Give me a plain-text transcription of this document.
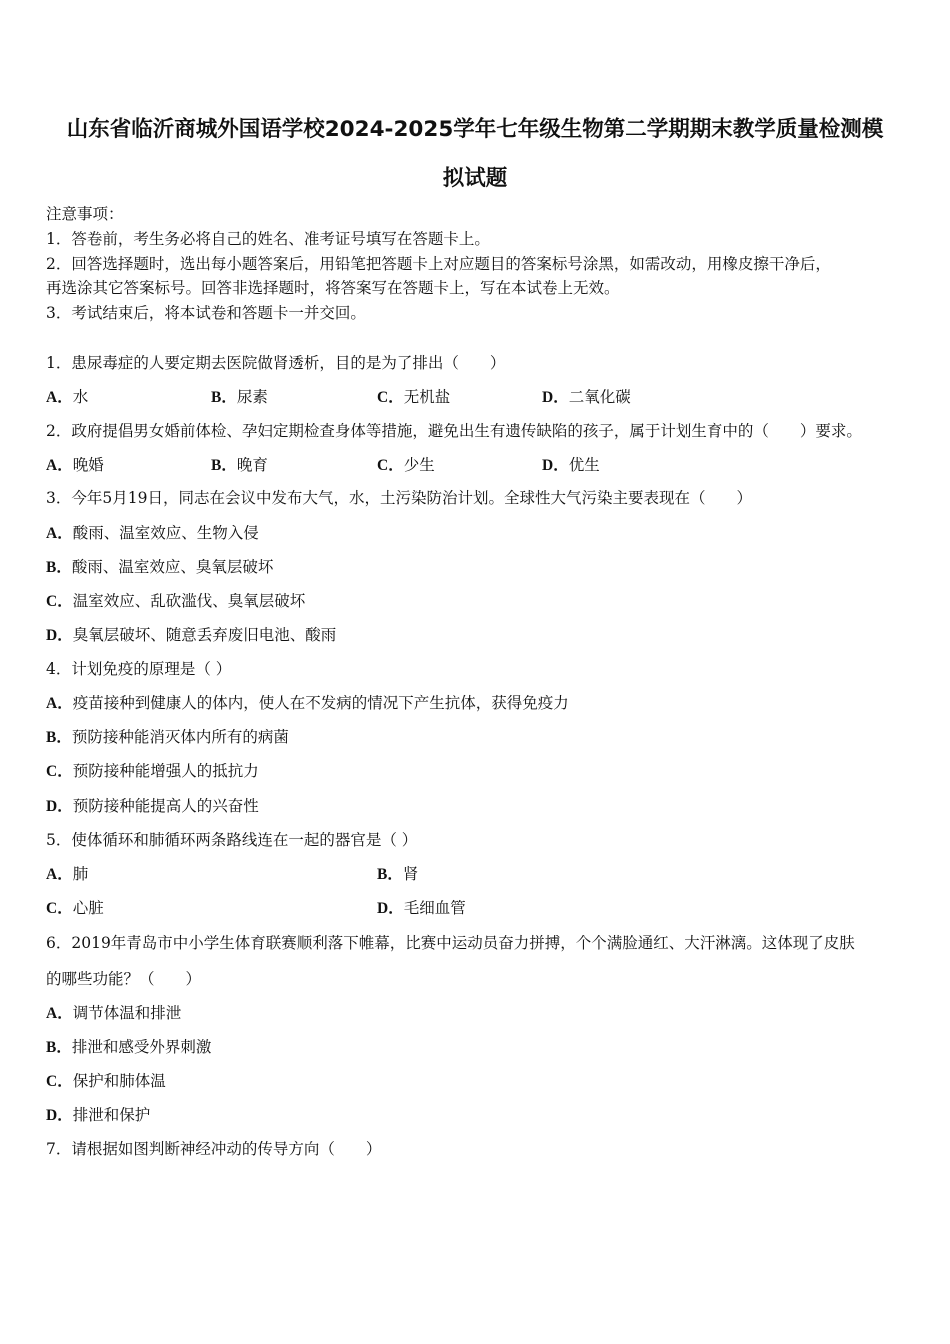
山东省临沂商城外国语学校2024-2025学年七年级生物第二学期期末教学质量检测模
拟试题
注意事项：
1．答卷前，考生务必将自己的姓名、准考证号填写在答题卡上。
2．回答选择题时，选出每小题答案后，用铅笔把答题卡上对应题目的答案标号涂黑，如需改动，用橡皮擦干净后，
再选涂其它答案标号。回答非选择题时，将答案写在答题卡上，写在本试卷上无效。
3．考试结束后，将本试卷和答题卡一并交回。
1．患尿毒症的人要定期去医院做肾透析，目的是为了排出（　　）
A．水	B．尿素	C．无机盐	D．二氧化碳
2．政府提倡男女婚前体检、孕妇定期检查身体等措施，避免出生有遗传缺陷的孩子，属于计划生育中的（　　）要求。
A．晚婚	B．晚育	C．少生	D．优生
3．今年5月19日，同志在会议中发布大气，水，土污染防治计划。全球性大气污染主要表现在（　　）
A．酸雨、温室效应、生物入侵
B．酸雨、温室效应、臭氧层破坏
C．温室效应、乱砍滥伐、臭氧层破坏
D．臭氧层破坏、随意丢弃废旧电池、酸雨
4．计划免疫的原理是（ ）
A．疫苗接种到健康人的体内，使人在不发病的情况下产生抗体，获得免疫力
B．预防接种能消灭体内所有的病菌
C．预防接种能增强人的抵抗力
D．预防接种能提高人的兴奋性
5．使体循环和肺循环两条路线连在一起的器官是（ ）
A．肺	B．肾
C．心脏	D．毛细血管
6．2019年青岛市中小学生体育联赛顺利落下帷幕，比赛中运动员奋力拼搏，个个满脸通红、大汗淋漓。这体现了皮肤
的哪些功能？（　　）
A．调节体温和排泄
B．排泄和感受外界刺激
C．保护和肺体温
D．排泄和保护
7．请根据如图判断神经冲动的传导方向（　　）
